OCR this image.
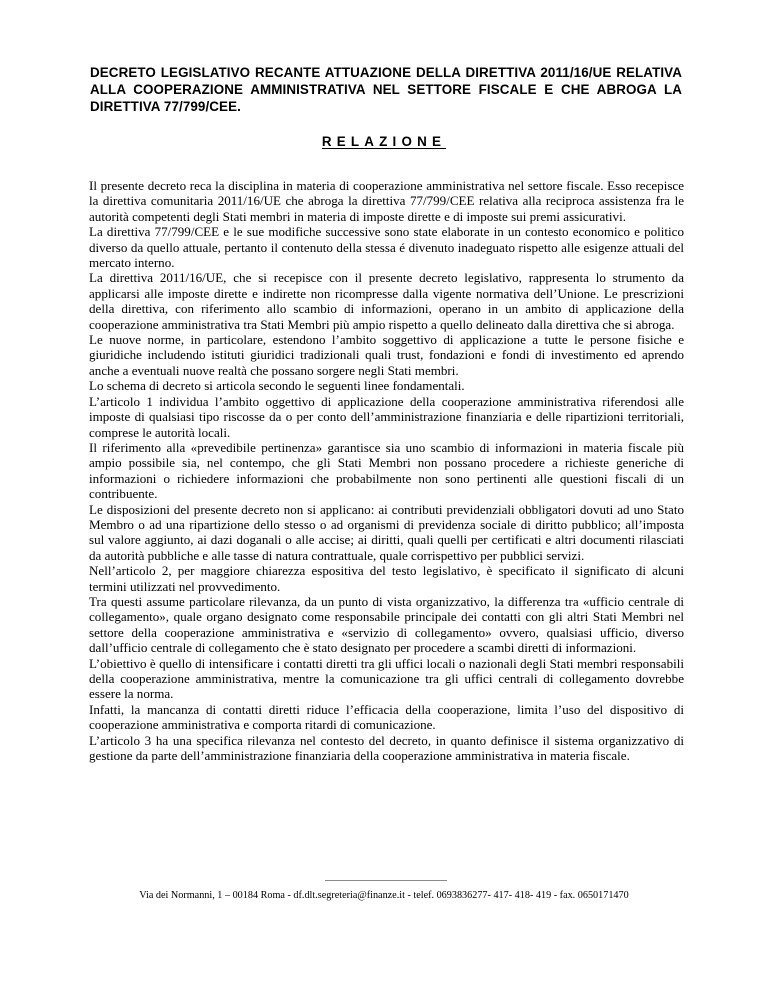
DECRETO LEGISLATIVO RECANTE ATTUAZIONE DELLA DIRETTIVA 2011/16/UE RELATIVA ALLA COOPERAZIONE AMMINISTRATIVA NEL SETTORE FISCALE E CHE ABROGA LA DIRETTIVA 77/799/CEE.
RELAZIONE

Il presente decreto reca la disciplina in materia di cooperazione amministrativa nel settore fiscale. Esso recepisce la direttiva comunitaria 2011/16/UE che abroga la direttiva 77/799/CEE relativa alla reciproca assistenza fra le autorità competenti degli Stati membri in materia di imposte dirette e di imposte sui premi assicurativi.

La direttiva 77/799/CEE e le sue modifiche successive sono state elaborate in un contesto economico e politico diverso da quello attuale, pertanto il contenuto della stessa é divenuto inadeguato rispetto alle esigenze attuali del mercato interno.

La direttiva 2011/16/UE, che si recepisce con il presente decreto legislativo, rappresenta lo strumento da applicarsi alle imposte dirette e indirette non ricompresse dalla vigente normativa dell’Unione. Le prescrizioni della direttiva, con riferimento allo scambio di informazioni, operano in un ambito di applicazione della cooperazione amministrativa tra Stati Membri più ampio rispetto a quello delineato dalla direttiva che si abroga.

Le nuove norme, in particolare, estendono l’ambito soggettivo di applicazione a tutte le persone fisiche e giuridiche includendo istituti giuridici tradizionali quali trust, fondazioni e fondi di investimento ed aprendo anche a eventuali nuove realtà che possano sorgere negli Stati membri.

Lo schema di decreto si articola secondo le seguenti linee fondamentali.

L’articolo 1 individua l’ambito oggettivo di applicazione della cooperazione amministrativa riferendosi alle imposte di qualsiasi tipo riscosse da o per conto dell’amministrazione finanziaria e delle ripartizioni territoriali, comprese le autorità locali.

Il riferimento alla «prevedibile pertinenza» garantisce sia uno scambio di informazioni in materia fiscale più ampio possibile sia, nel contempo, che gli Stati Membri non possano procedere a richieste generiche di informazioni o richiedere informazioni che probabilmente non sono pertinenti alle questioni fiscali di un contribuente.

Le disposizioni del presente decreto non si applicano: ai contributi previdenziali obbligatori dovuti ad uno Stato Membro o ad una ripartizione dello stesso o ad organismi di previdenza sociale di diritto pubblico; all’imposta sul valore aggiunto, ai dazi doganali o alle accise; ai diritti, quali quelli per certificati e altri documenti rilasciati da autorità pubbliche e alle tasse di natura contrattuale, quale corrispettivo per pubblici servizi.

Nell’articolo 2, per maggiore chiarezza espositiva del testo legislativo, è specificato il significato di alcuni termini utilizzati nel provvedimento.

Tra questi assume particolare rilevanza, da un punto di vista organizzativo, la differenza tra «ufficio centrale di collegamento», quale organo designato come responsabile principale dei contatti con gli altri Stati Membri nel settore della cooperazione amministrativa e «servizio di collegamento» ovvero, qualsiasi ufficio, diverso dall’ufficio centrale di collegamento che è stato designato per procedere a scambi diretti di informazioni.

L’obiettivo è quello di intensificare i contatti diretti tra gli uffici locali o nazionali degli Stati membri responsabili della cooperazione amministrativa, mentre la comunicazione tra gli uffici centrali di collegamento dovrebbe essere la norma.

Infatti, la mancanza di contatti diretti riduce l’efficacia della cooperazione, limita l’uso del dispositivo di cooperazione amministrativa e comporta ritardi di comunicazione.

L’articolo 3 ha una specifica rilevanza nel contesto del decreto, in quanto definisce il sistema organizzativo di gestione da parte dell’amministrazione finanziaria della cooperazione amministrativa in materia fiscale.

Via dei Normanni, 1 – 00184 Roma - df.dlt.segreteria@finanze.it - telef. 0693836277- 417- 418- 419 - fax. 0650171470
